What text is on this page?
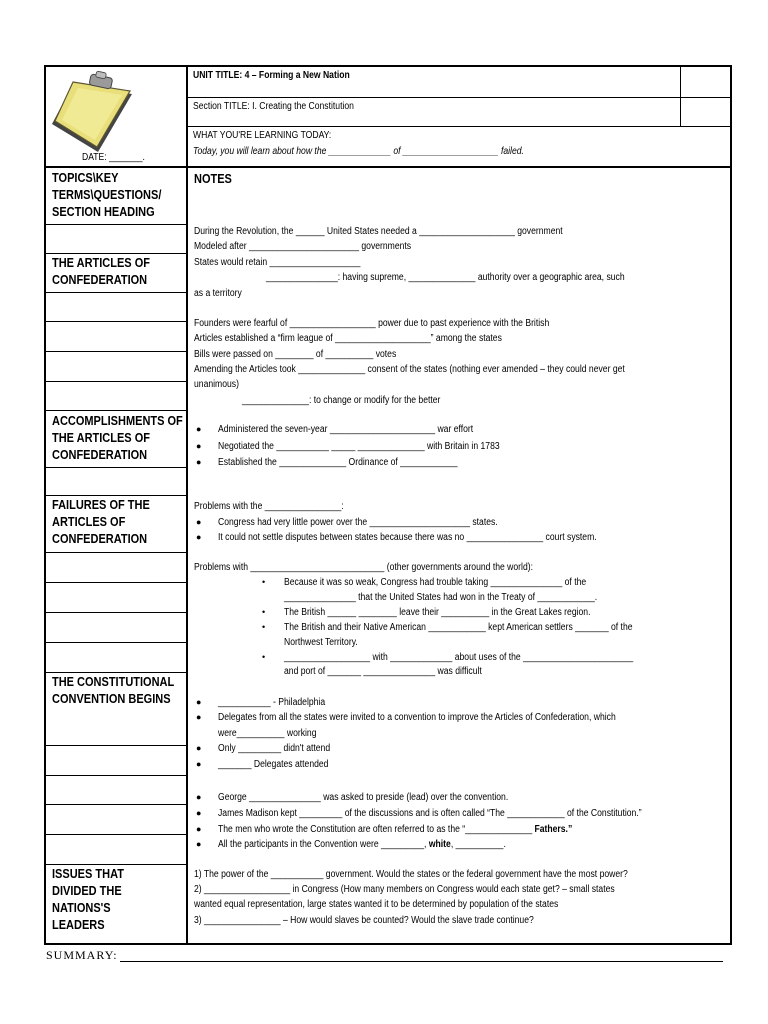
DATE: _______.
UNIT TITLE: 4 – Forming a New Nation
Section TITLE: I. Creating the Constitution
WHAT YOU'RE LEARNING TODAY:
Today, you will learn about how the _____________ of ____________________ failed.
TOPICS\KEY TERMS\QUESTIONS/ SECTION HEADING
THE ARTICLES OF CONFEDERATION
ACCOMPLISHMENTS OF THE ARTICLES OF CONFEDERATION
FAILURES OF THE ARTICLES OF CONFEDERATION
THE CONSTITUTIONAL CONVENTION BEGINS
ISSUES THAT DIVIDED THE NATIONS'S LEADERS
NOTES
During the Revolution, the ______ United States needed a ____________________ government
Modeled after _______________________ governments
States would retain ___________________
_______________: having supreme, ______________ authority over a geographic area, such
as a territory
Founders were fearful of __________________ power due to past experience with the British
Articles established a “firm league of ____________________” among the states
Bills were passed on ________ of __________ votes
Amending the Articles took ______________ consent of the states (nothing ever amended – they could never get
unanimous)
______________: to change or modify for the better
● Administered the seven-year ______________________ war effort
● Negotiated the ___________ _____ ______________ with Britain in 1783
● Established the ______________ Ordinance of ____________
Problems with the ________________:
● Congress had very little power over the _____________________ states.
● It could not settle disputes between states because there was no ________________ court system.
Problems with ____________________________ (other governments around the world):
• Because it was so weak, Congress had trouble taking _______________ of the
_______________ that the United States had won in the Treaty of ____________.
• The British ______ ________ leave their __________ in the Great Lakes region.
• The British and their Native American ____________ kept American settlers _______ of the
Northwest Territory.
• __________________ with _____________ about uses of the _______________________
and port of _______ _______________ was difficult
● ___________ - Philadelphia
● Delegates from all the states were invited to a convention to improve the Articles of Confederation, which
were__________ working
● Only _________ didn't attend
● _______ Delegates attended
● George _______________ was asked to preside (lead) over the convention.
● James Madison kept _________ of the discussions and is often called “The ____________ of the Constitution.”
● The men who wrote the Constitution are often referred to as the “______________ Fathers.”
● All the participants in the Convention were _________, white, __________.
1) The power of the ___________ government. Would the states or the federal government have the most power?
2) __________________ in Congress (How many members on Congress would each state get? – small states
wanted equal representation, large states wanted it to be determined by population of the states
3) ________________ – How would slaves be counted? Would the slave trade continue?
SUMMARY:
